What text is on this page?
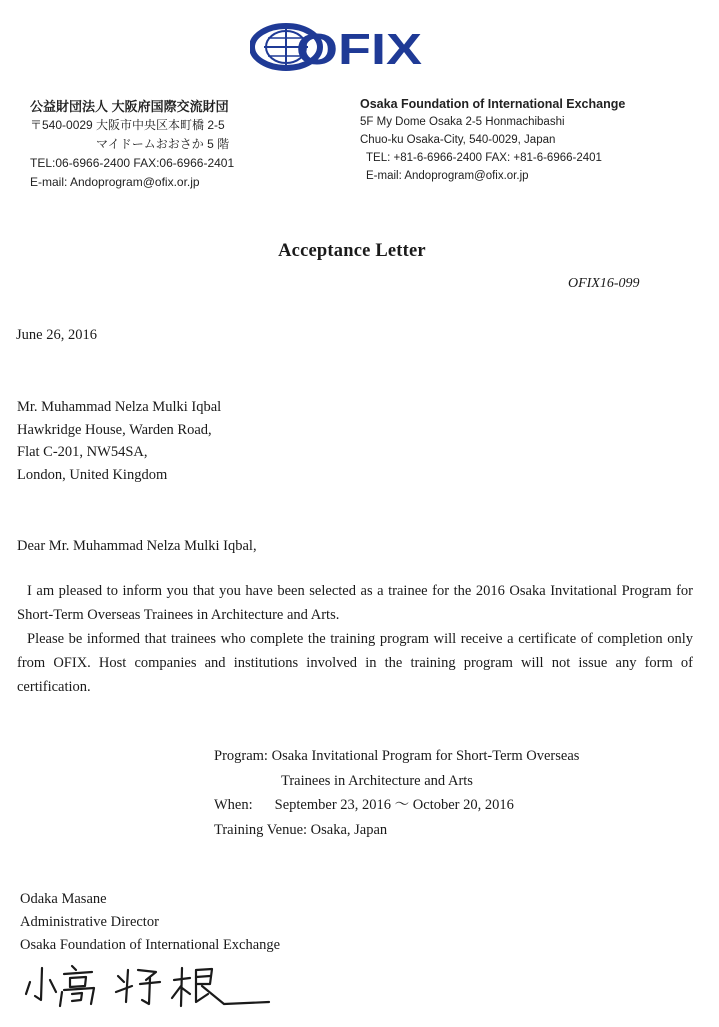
OFIX
公益財団法人 大阪府国際交流財団
〒540-0029 大阪市中央区本町橋 2-5
マイドームおおさか 5 階
TEL:06-6966-2400 FAX:06-6966-2401
E-mail: Andoprogram@ofix.or.jp
Osaka Foundation of International Exchange
5F My Dome Osaka 2-5 Honmachibashi
Chuo-ku Osaka-City, 540-0029, Japan
TEL: +81-6-6966-2400 FAX: +81-6-6966-2401
E-mail: Andoprogram@ofix.or.jp
Acceptance Letter
OFIX16-099
June 26, 2016
Mr. Muhammad Nelza Mulki Iqbal
Hawkridge House, Warden Road,
Flat C-201, NW54SA,
London, United Kingdom
Dear Mr. Muhammad Nelza Mulki Iqbal,

I am pleased to inform you that you have been selected as a trainee for the 2016 Osaka Invitational Program for Short-Term Overseas Trainees in Architecture and Arts.

Please be informed that trainees who complete the training program will receive a certificate of completion only from OFIX. Host companies and institutions involved in the training program will not issue any form of certification.

Program: Osaka Invitational Program for Short-Term Overseas
Trainees in Architecture and Arts
When: September 23, 2016 ～ October 20, 2016
Training Venue: Osaka, Japan
Odaka Masane
Administrative Director
Osaka Foundation of International Exchange
